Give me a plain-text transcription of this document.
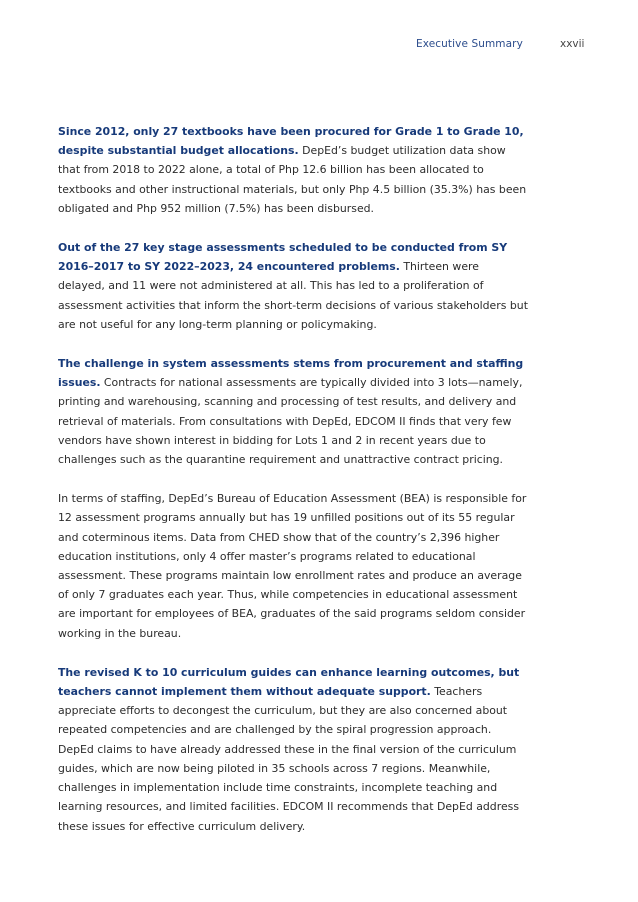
Executive Summary	xxvii

Since 2012, only 27 textbooks have been procured for Grade 1 to Grade 10, despite substantial budget allocations. DepEd’s budget utilization data show that from 2018 to 2022 alone, a total of Php 12.6 billion has been allocated to textbooks and other instructional materials, but only Php 4.5 billion (35.3%) has been obligated and Php 952 million (7.5%) has been disbursed.

Out of the 27 key stage assessments scheduled to be conducted from SY 2016–2017 to SY 2022–2023, 24 encountered problems. Thirteen were delayed, and 11 were not administered at all. This has led to a proliferation of assessment activities that inform the short-term decisions of various stakeholders but are not useful for any long-term planning or policymaking.

The challenge in system assessments stems from procurement and staffing issues. Contracts for national assessments are typically divided into 3 lots—namely, printing and warehousing, scanning and processing of test results, and delivery and retrieval of materials. From consultations with DepEd, EDCOM II finds that very few vendors have shown interest in bidding for Lots 1 and 2 in recent years due to challenges such as the quarantine requirement and unattractive contract pricing.

In terms of staffing, DepEd’s Bureau of Education Assessment (BEA) is responsible for 12 assessment programs annually but has 19 unfilled positions out of its 55 regular and coterminous items. Data from CHED show that of the country’s 2,396 higher education institutions, only 4 offer master’s programs related to educational assessment. These programs maintain low enrollment rates and produce an average of only 7 graduates each year. Thus, while competencies in educational assessment are important for employees of BEA, graduates of the said programs seldom consider working in the bureau.

The revised K to 10 curriculum guides can enhance learning outcomes, but teachers cannot implement them without adequate support. Teachers appreciate efforts to decongest the curriculum, but they are also concerned about repeated competencies and are challenged by the spiral progression approach. DepEd claims to have already addressed these in the final version of the curriculum guides, which are now being piloted in 35 schools across 7 regions. Meanwhile, challenges in implementation include time constraints, incomplete teaching and learning resources, and limited facilities. EDCOM II recommends that DepEd address these issues for effective curriculum delivery.
